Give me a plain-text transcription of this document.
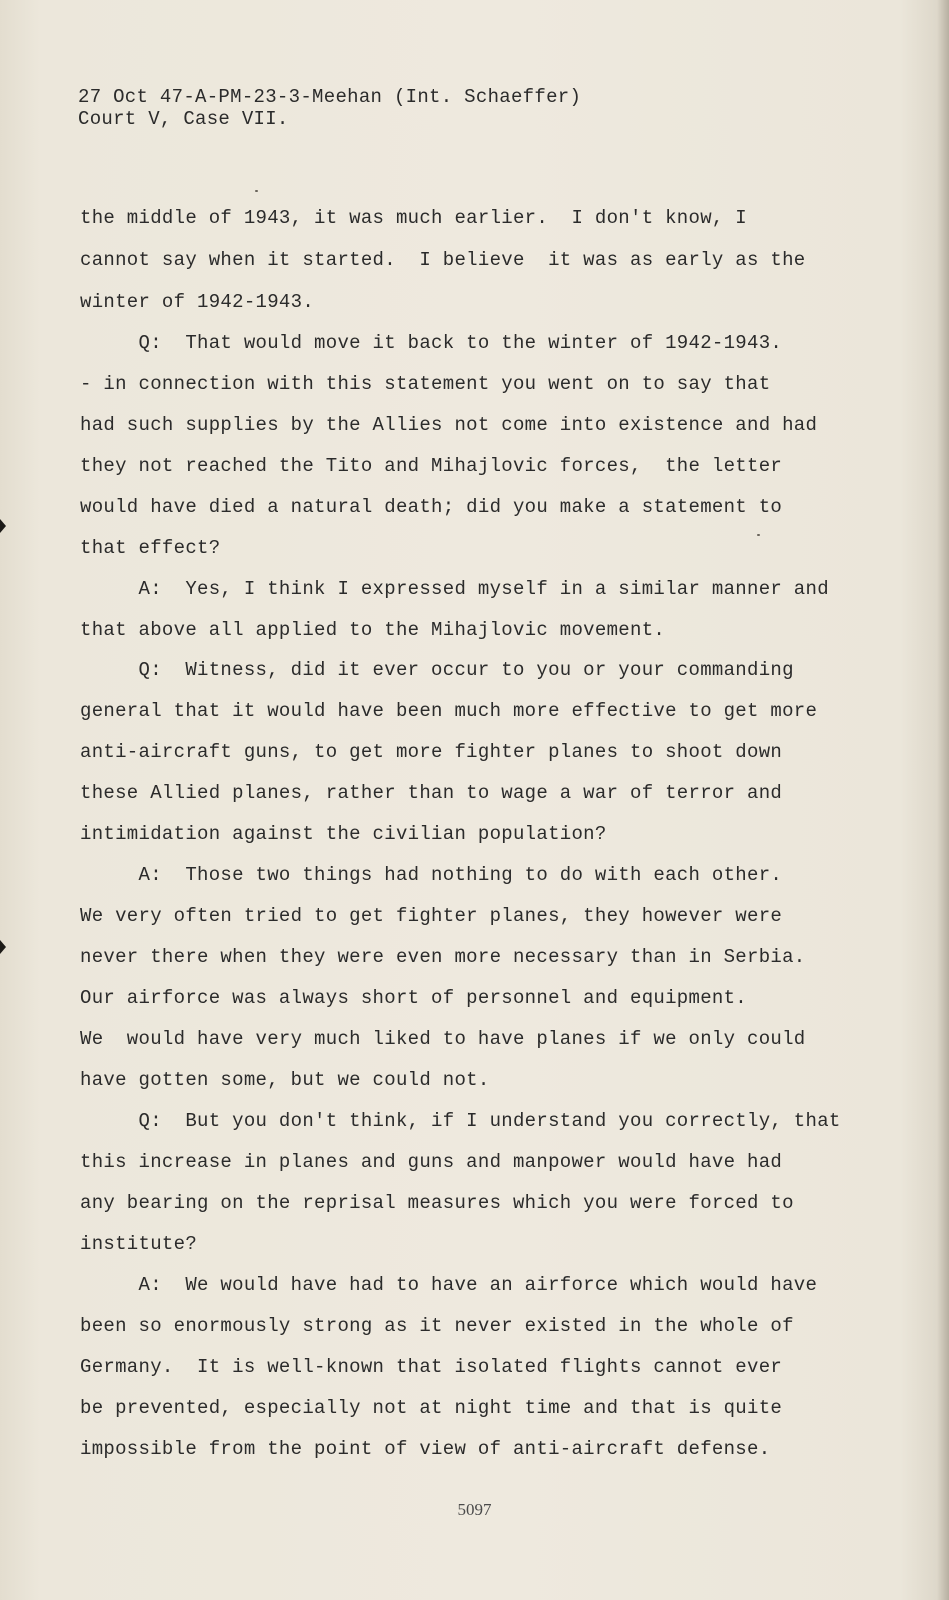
27 Oct 47-A-PM-23-3-Meehan (Int. Schaeffer)
Court V, Case VII.
the middle of 1943, it was much earlier.  I don't know, I
cannot say when it started.  I believe  it was as early as the
winter of 1942-1943.
Q:  That would move it back to the winter of 1942-1943.
- in connection with this statement you went on to say that
had such supplies by the Allies not come into existence and had
they not reached the Tito and Mihajlovic forces,  the letter
would have died a natural death; did you make a statement to
that effect?
A:  Yes, I think I expressed myself in a similar manner and
that above all applied to the Mihajlovic movement.
Q:  Witness, did it ever occur to you or your commanding
general that it would have been much more effective to get more
anti-aircraft guns, to get more fighter planes to shoot down
these Allied planes, rather than to wage a war of terror and
intimidation against the civilian population?
A:  Those two things had nothing to do with each other.
We very often tried to get fighter planes, they however were
never there when they were even more necessary than in Serbia.
Our airforce was always short of personnel and equipment.
We  would have very much liked to have planes if we only could
have gotten some, but we could not.
Q:  But you don't think, if I understand you correctly, that
this increase in planes and guns and manpower would have had
any bearing on the reprisal measures which you were forced to
institute?
A:  We would have had to have an airforce which would have
been so enormously strong as it never existed in the whole of
Germany.  It is well-known that isolated flights cannot ever
be prevented, especially not at night time and that is quite
impossible from the point of view of anti-aircraft defense.
5097
